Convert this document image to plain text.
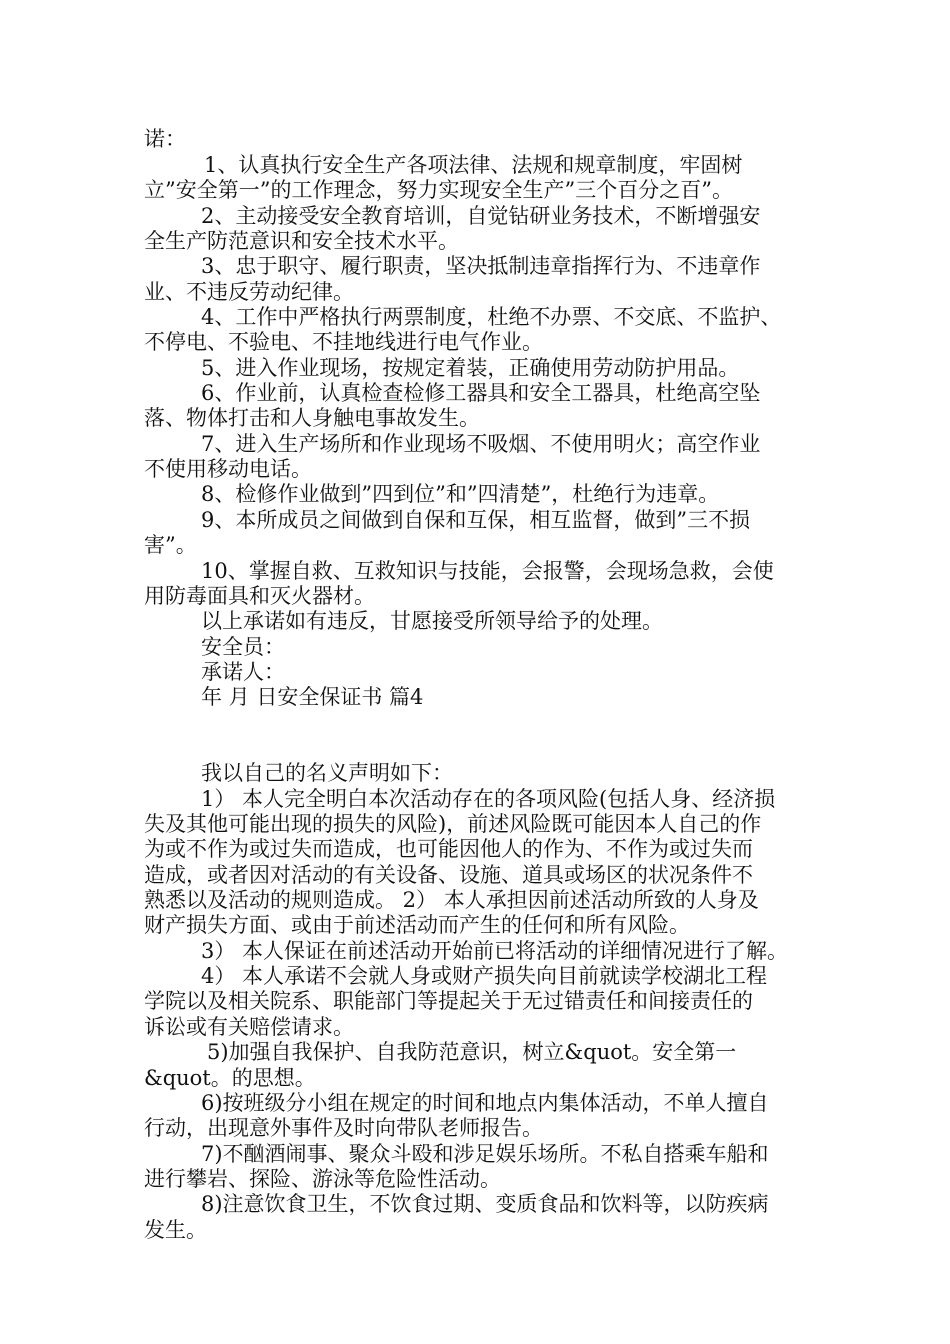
诺：
1、认真执行安全生产各项法律、法规和规章制度，牢固树
立”安全第一”的工作理念，努力实现安全生产”三个百分之百”。
2、主动接受安全教育培训，自觉钻研业务技术，不断增强安
全生产防范意识和安全技术水平。
3、忠于职守、履行职责，坚决抵制违章指挥行为、不违章作
业、不违反劳动纪律。
4、工作中严格执行两票制度，杜绝不办票、不交底、不监护、
不停电、不验电、不挂地线进行电气作业。
5、进入作业现场，按规定着装，正确使用劳动防护用品。
6、作业前，认真检查检修工器具和安全工器具，杜绝高空坠
落、物体打击和人身触电事故发生。
7、进入生产场所和作业现场不吸烟、不使用明火；高空作业
不使用移动电话。
8、检修作业做到”四到位”和”四清楚”，杜绝行为违章。
9、本所成员之间做到自保和互保，相互监督，做到”三不损
害”。
10、掌握自救、互救知识与技能，会报警，会现场急救，会使
用防毒面具和灭火器材。
以上承诺如有违反，甘愿接受所领导给予的处理。
安全员：
承诺人：
年 月 日安全保证书 篇4
我以自己的名义声明如下：
1） 本人完全明白本次活动存在的各项风险(包括人身、经济损
失及其他可能出现的损失的风险)，前述风险既可能因本人自己的作
为或不作为或过失而造成，也可能因他人的作为、不作为或过失而
造成，或者因对活动的有关设备、设施、道具或场区的状况条件不
熟悉以及活动的规则造成。 2） 本人承担因前述活动所致的人身及
财产损失方面、或由于前述活动而产生的任何和所有风险。
3） 本人保证在前述活动开始前已将活动的详细情况进行了解。
4） 本人承诺不会就人身或财产损失向目前就读学校湖北工程
学院以及相关院系、职能部门等提起关于无过错责任和间接责任的
诉讼或有关赔偿请求。
5)加强自我保护、自我防范意识，树立&quot。安全第一
&quot。的思想。
6)按班级分小组在规定的时间和地点内集体活动，不单人擅自
行动，出现意外事件及时向带队老师报告。
7)不酗酒闹事、聚众斗殴和涉足娱乐场所。不私自搭乘车船和
进行攀岩、探险、游泳等危险性活动。
8)注意饮食卫生，不饮食过期、变质食品和饮料等，以防疾病
发生。
